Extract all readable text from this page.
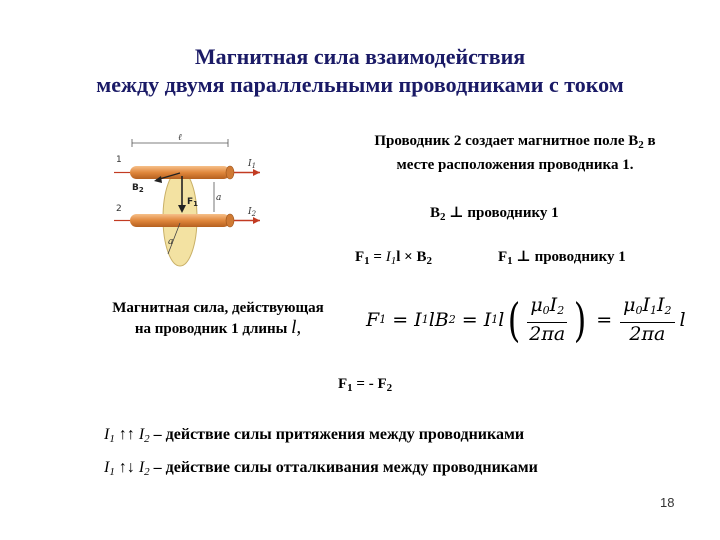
Магнитная сила взаимодействия
между двумя параллельными проводниками с током
ℓ
a
1
2
$I_1$
$I_2$
$B_2$
$F_1$
a
Проводник 2 создает магнитное поле $B_2$ в
месте расположения проводника 1.
$B_2$ ⊥ проводнику 1
$F_1 = I_1l \times B_2$	$F_1$ ⊥ проводнику 1
Магнитная сила, действующая
на проводник 1 длины l,	F 1 = I 1 lB 2 = I 1 l ( $\frac{\mu_0I_2}{2\pi a}$ ) = $\frac{\mu_0I_1I_2}{2\pi a}$ l
$F_1$ = - $F_2$
$I_1$ ↑↑ $I_2$ – действие силы притяжения между проводниками
$I_1$ ↑↓ $I_2$ – действие силы отталкивания между проводниками
18
